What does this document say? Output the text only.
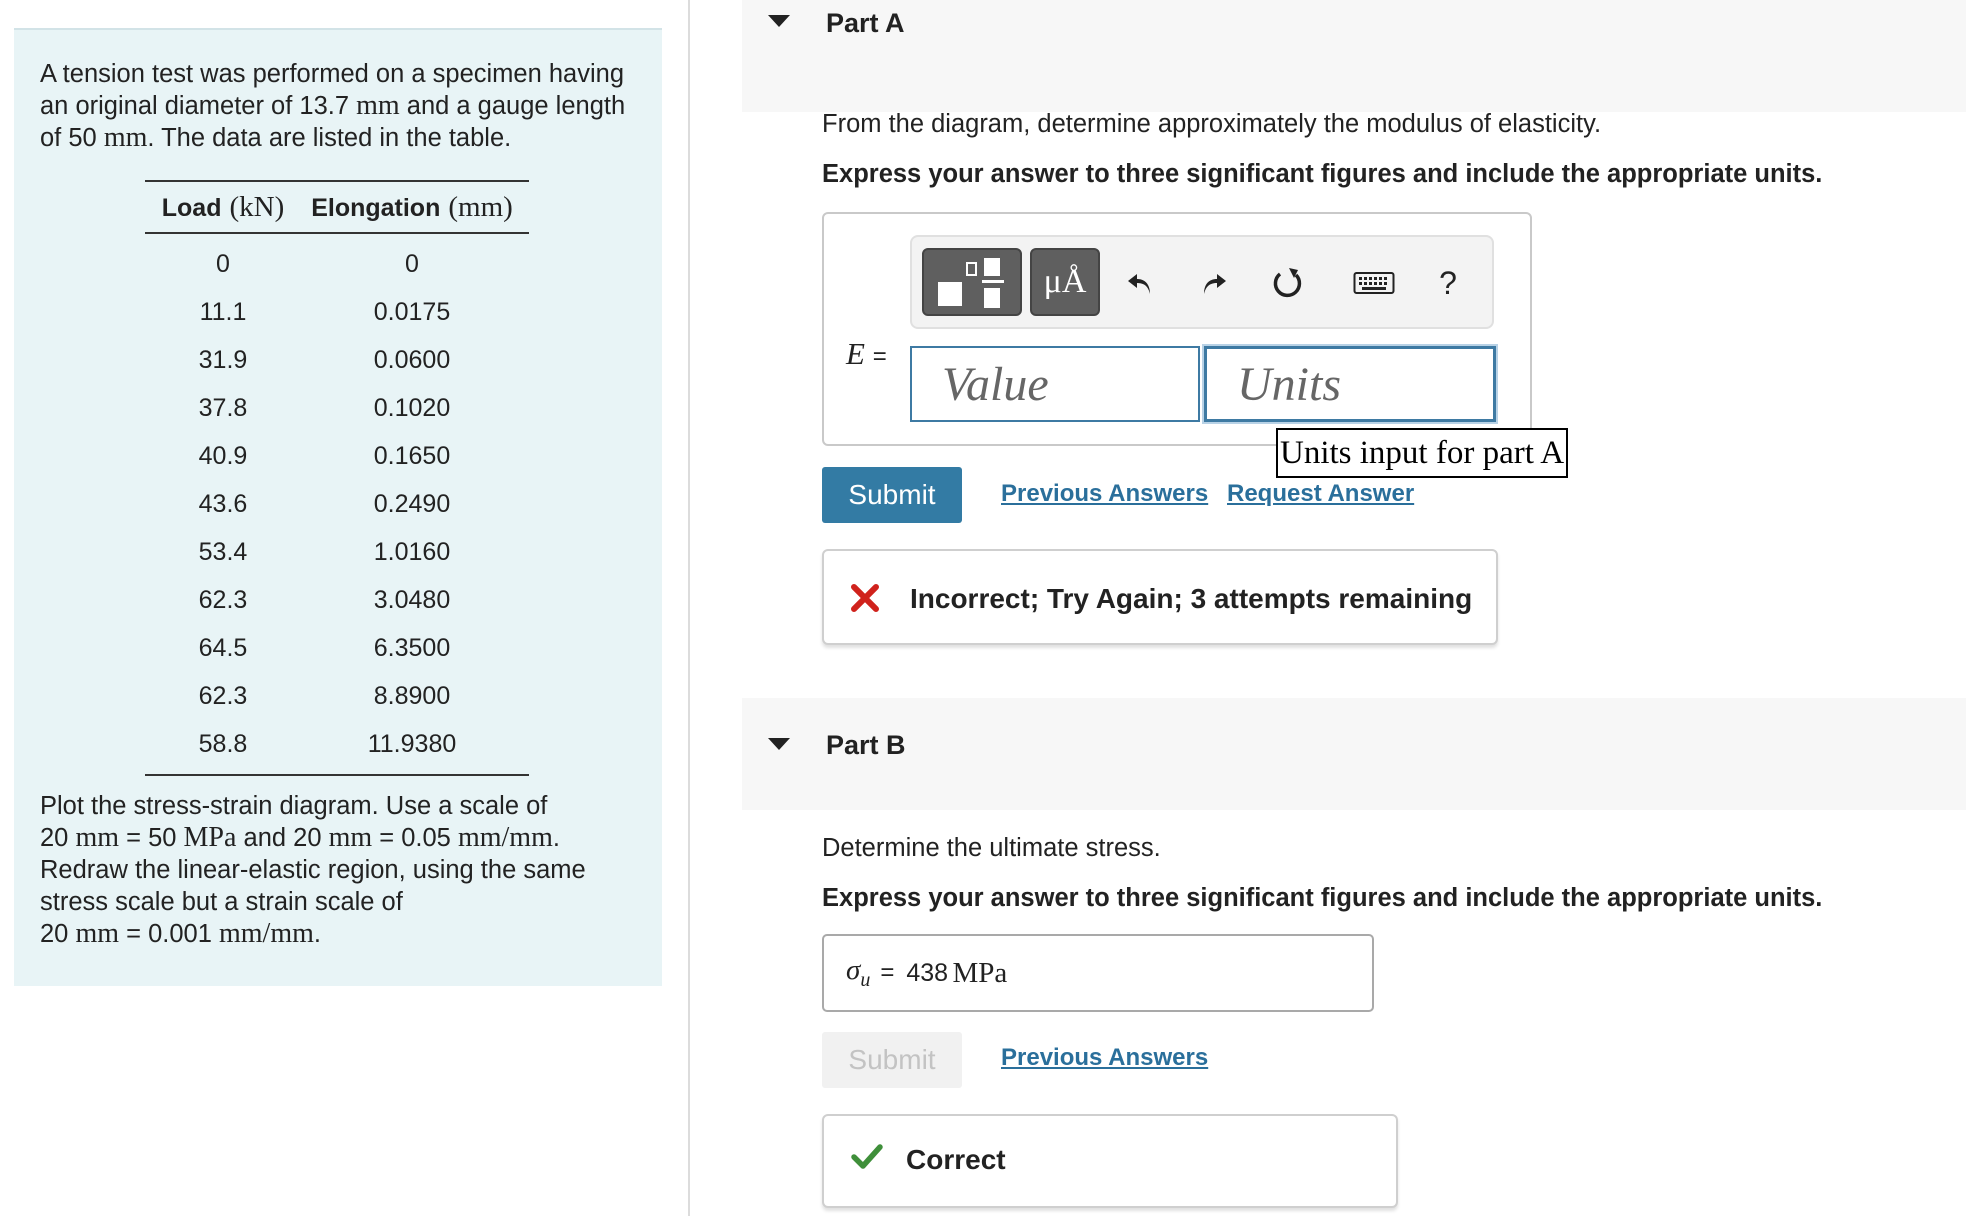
A tension test was performed on a specimen having an original diameter of 13.7 mm and a gauge length of 50 mm. The data are listed in the table.
Load (kN) Elongation (mm)
0	0
11.1	0.0175
31.9	0.0600
37.8	0.1020
40.9	0.1650
43.6	0.2490
53.4	1.0160
62.3	3.0480
64.5	6.3500
62.3	8.8900
58.8	11.9380
Plot the stress-strain diagram. Use a scale of
20 mm = 50 MPa and 20 mm = 0.05 mm/mm.
Redraw the linear-elastic region, using the same stress scale but a strain scale of
20 mm = 0.001 mm/mm.
Part A
From the diagram, determine approximately the modulus of elasticity.
Express your answer to three significant figures and include the appropriate units.
μÅ	?
E =
Value	Units
Units input for part A
Submit	Previous Answers Request Answer
Incorrect; Try Again; 3 attempts remaining
Part B
Determine the ultimate stress.
Express your answer to three significant figures and include the appropriate units.
$\sigma_u = 438$
MPa
Submit	Previous Answers
Correct
